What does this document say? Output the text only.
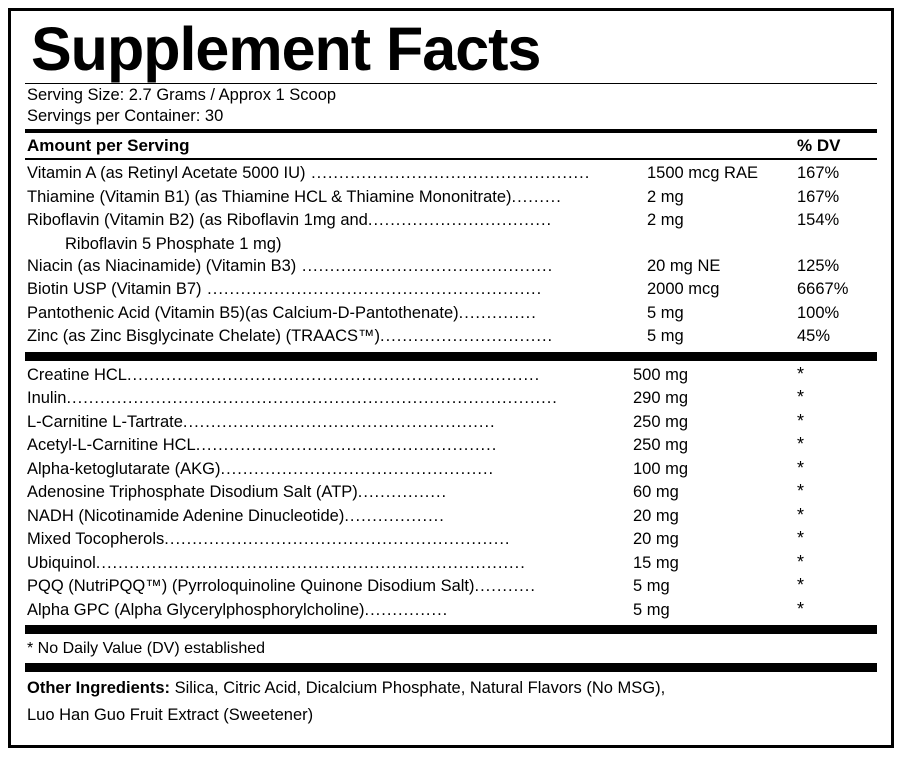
Supplement Facts
Serving Size: 2.7 Grams / Approx 1 Scoop
Servings per Container: 30
Amount per Serving	% DV
Vitamin A (as Retinyl Acetate 5000 IU) ..................................................	1500 mcg RAE	167%
Thiamine (Vitamin B1) (as Thiamine HCL & Thiamine Mononitrate).........	2 mg	167%
Riboflavin (Vitamin B2) (as Riboflavin 1mg and.................................	2 mg	154%
Riboflavin 5 Phosphate 1 mg)
Niacin (as Niacinamide) (Vitamin B3) .............................................	20 mg NE	125%
Biotin USP (Vitamin B7) ............................................................	2000 mcg	6667%
Pantothenic Acid (Vitamin B5)(as Calcium-D-Pantothenate)..............	5 mg	100%
Zinc (as Zinc Bisglycinate Chelate) (TRAACS™)...............................	5 mg	45%
Creatine HCL..........................................................................	500 mg	*
Inulin........................................................................................	290 mg	*
L-Carnitine L-Tartrate........................................................	250 mg	*
Acetyl-L-Carnitine HCL......................................................	250 mg	*
Alpha-ketoglutarate (AKG).................................................	100 mg	*
Adenosine Triphosphate Disodium Salt (ATP)................	60 mg	*
NADH (Nicotinamide Adenine Dinucleotide)..................	20 mg	*
Mixed Tocopherols..............................................................	20 mg	*
Ubiquinol.............................................................................	15 mg	*
PQQ (NutriPQQ™) (Pyrroloquinoline Quinone Disodium Salt)...........	5 mg	*
Alpha GPC (Alpha Glycerylphosphorylcholine)...............	5 mg	*
* No Daily Value (DV) established
Other Ingredients: Silica, Citric Acid, Dicalcium Phosphate, Natural Flavors (No MSG),
Luo Han Guo Fruit Extract (Sweetener)
